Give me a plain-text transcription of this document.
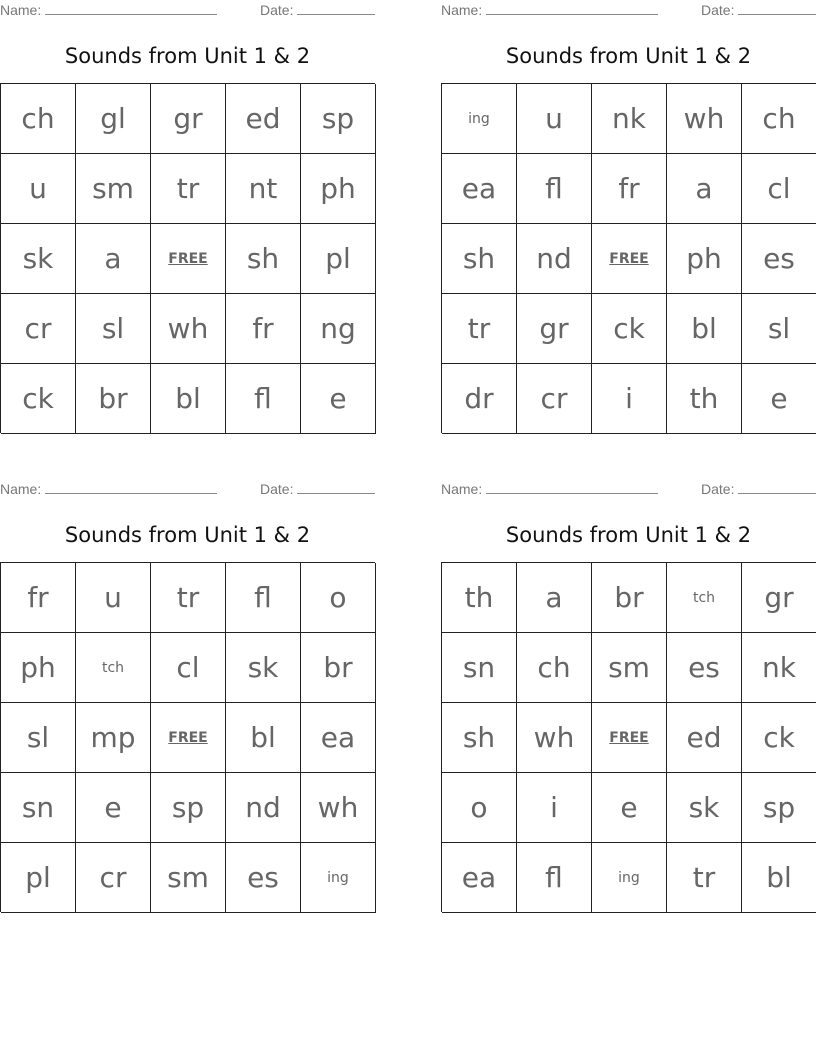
Name:	Date:
Sounds from Unit 1 & 2
ch	gl	gr	ed	sp
u	sm	tr	nt	ph
sk	a	FREE	sh	pl
cr	sl	wh	fr	ng
ck	br	bl	fl	e
Name:	Date:
Sounds from Unit 1 & 2
ing	u	nk	wh	ch
ea	fl	fr	a	cl
sh	nd	FREE	ph	es
tr	gr	ck	bl	sl
dr	cr	i	th	e
Name:	Date:
Sounds from Unit 1 & 2
fr	u	tr	fl	o
ph	tch	cl	sk	br
sl	mp	FREE	bl	ea
sn	e	sp	nd	wh
pl	cr	sm	es	ing
Name:	Date:
Sounds from Unit 1 & 2
th	a	br	tch	gr
sn	ch	sm	es	nk
sh	wh	FREE	ed	ck
o	i	e	sk	sp
ea	fl	ing	tr	bl
